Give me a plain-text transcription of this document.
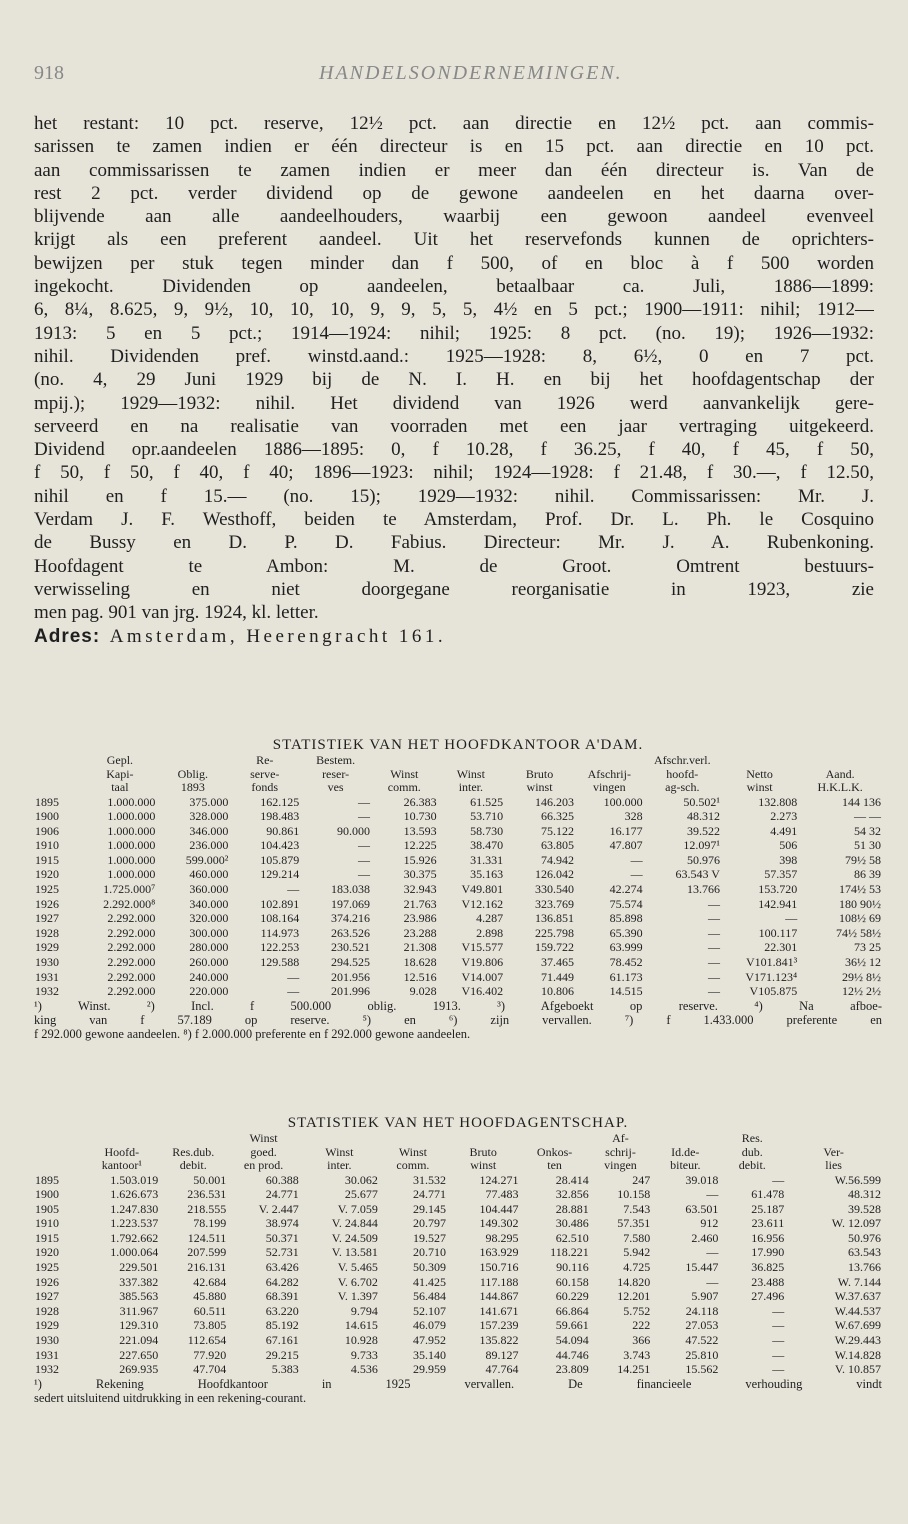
918	HANDELSONDERNEMINGEN.
het restant: 10 pct. reserve, 12½ pct. aan directie en 12½ pct. aan commis-
sarissen te zamen indien er één directeur is en 15 pct. aan directie en 10 pct.
aan commissarissen te zamen indien er meer dan één directeur is. Van de
rest 2 pct. verder dividend op de gewone aandeelen en het daarna over-
blijvende aan alle aandeelhouders, waarbij een gewoon aandeel evenveel
krijgt als een preferent aandeel. Uit het reservefonds kunnen de oprichters-
bewijzen per stuk tegen minder dan f 500, of en bloc à f 500 worden
ingekocht. Dividenden op aandeelen, betaalbaar ca. Juli, 1886—1899:
6, 8¼, 8.625, 9, 9½, 10, 10, 10, 9, 9, 5, 5, 4½ en 5 pct.; 1900—1911: nihil; 1912—
1913: 5 en 5 pct.; 1914—1924: nihil; 1925: 8 pct. (no. 19); 1926—1932:
nihil. Dividenden pref. winstd.aand.: 1925—1928: 8, 6½, 0 en 7 pct.
(no. 4, 29 Juni 1929 bij de N. I. H. en bij het hoofdagentschap der
mpij.); 1929—1932: nihil. Het dividend van 1926 werd aanvankelijk gere-
serveerd en na realisatie van voorraden met een jaar vertraging uitgekeerd.
Dividend opr.aandeelen 1886—1895: 0, f 10.28, f 36.25, f 40, f 45, f 50,
f 50, f 50, f 40, f 40; 1896—1923: nihil; 1924—1928: f 21.48, f 30.—, f 12.50,
nihil en f 15.— (no. 15); 1929—1932: nihil. Commissarissen: Mr. J.
Verdam J. F. Westhoff, beiden te Amsterdam, Prof. Dr. L. Ph. le Cosquino
de Bussy en D. P. D. Fabius. Directeur: Mr. J. A. Rubenkoning.
Hoofdagent te Ambon: M. de Groot. Omtrent bestuurs-
verwisseling en niet doorgegane reorganisatie in 1923, zie
men pag. 901 van jrg. 1924, kl. letter.
Adres: Amsterdam, Heerengracht 161.
STATISTIEK VAN HET HOOFDKANTOOR A'DAM.
	Gepl.		Re-	Bestem.					Afschr.verl.		
	Kapi-	Oblig.	serve-	reser-	Winst	Winst	Bruto	Afschrij-	hoofd-	Netto	Aand.
	taal	1893	fonds	ves	comm.	inter.	winst	vingen	ag-sch.	winst	H.K.L.K.
1895	1.000.000	375.000	162.125	—	26.383	61.525	146.203	100.000	50.502¹	132.808	144 136
1900	1.000.000	328.000	198.483	—	10.730	53.710	66.325	328	48.312	2.273	— —
1906	1.000.000	346.000	90.861	90.000	13.593	58.730	75.122	16.177	39.522	4.491	54 32
1910	1.000.000	236.000	104.423	—	12.225	38.470	63.805	47.807	12.097¹	506	51 30
1915	1.000.000	599.000²	105.879	—	15.926	31.331	74.942	—	50.976	398	79½ 58
1920	1.000.000	460.000	129.214	—	30.375	35.163	126.042	—	63.543 V	57.357	86 39
1925	1.725.000⁷	360.000	—	183.038	32.943	V49.801	330.540	42.274	13.766	153.720	174½ 53
1926	2.292.000⁸	340.000	102.891	197.069	21.763	V12.162	323.769	75.574	—	142.941	180 90½
1927	2.292.000	320.000	108.164	374.216	23.986	4.287	136.851	85.898	—	—	108½ 69
1928	2.292.000	300.000	114.973	263.526	23.288	2.898	225.798	65.390	—	100.117	74½ 58½
1929	2.292.000	280.000	122.253	230.521	21.308	V15.577	159.722	63.999	—	22.301	73 25
1930	2.292.000	260.000	129.588	294.525	18.628	V19.806	37.465	78.452	—	V101.841³	36½ 12
1931	2.292.000	240.000	—	201.956	12.516	V14.007	71.449	61.173	—	V171.123⁴	29½ 8½
1932	2.292.000	220.000	—	201.996	9.028	V16.402	10.806	14.515	—	V105.875	12½ 2½
¹) Winst. ²) Incl. f 500.000 oblig. 1913. ³) Afgeboekt op reserve. ⁴) Na afboe-
king van f 57.189 op reserve. ⁵) en ⁶) zijn vervallen. ⁷) f 1.433.000 preferente en
f 292.000 gewone aandeelen. ⁸) f 2.000.000 preferente en f 292.000 gewone aandeelen.
STATISTIEK VAN HET HOOFDAGENTSCHAP.
			Winst					Af-		Res.	
	Hoofd-	Res.dub.	goed.	Winst	Winst	Bruto	Onkos-	schrij-	Id.de-	dub.	Ver-
	kantoor¹	debit.	en prod.	inter.	comm.	winst	ten	vingen	biteur.	debit.	lies
1895	1.503.019	50.001	60.388	30.062	31.532	124.271	28.414	247	39.018	—	W.56.599
1900	1.626.673	236.531	24.771	25.677	24.771	77.483	32.856	10.158	—	61.478	48.312
1905	1.247.830	218.555	V. 2.447	V. 7.059	29.145	104.447	28.881	7.543	63.501	25.187	39.528
1910	1.223.537	78.199	38.974	V. 24.844	20.797	149.302	30.486	57.351	912	23.611	W. 12.097
1915	1.792.662	124.511	50.371	V. 24.509	19.527	98.295	62.510	7.580	2.460	16.956	50.976
1920	1.000.064	207.599	52.731	V. 13.581	20.710	163.929	118.221	5.942	—	17.990	63.543
1925	229.501	216.131	63.426	V. 5.465	50.309	150.716	90.116	4.725	15.447	36.825	13.766
1926	337.382	42.684	64.282	V. 6.702	41.425	117.188	60.158	14.820	—	23.488	W. 7.144
1927	385.563	45.880	68.391	V. 1.397	56.484	144.867	60.229	12.201	5.907	27.496	W.37.637
1928	311.967	60.511	63.220	9.794	52.107	141.671	66.864	5.752	24.118	—	W.44.537
1929	129.310	73.805	85.192	14.615	46.079	157.239	59.661	222	27.053	—	W.67.699
1930	221.094	112.654	67.161	10.928	47.952	135.822	54.094	366	47.522	—	W.29.443
1931	227.650	77.920	29.215	9.733	35.140	89.127	44.746	3.743	25.810	—	W.14.828
1932	269.935	47.704	5.383	4.536	29.959	47.764	23.809	14.251	15.562	—	V. 10.857
¹) Rekening Hoofdkantoor in 1925 vervallen. De financieele verhouding vindt
sedert uitsluitend uitdrukking in een rekening-courant.
